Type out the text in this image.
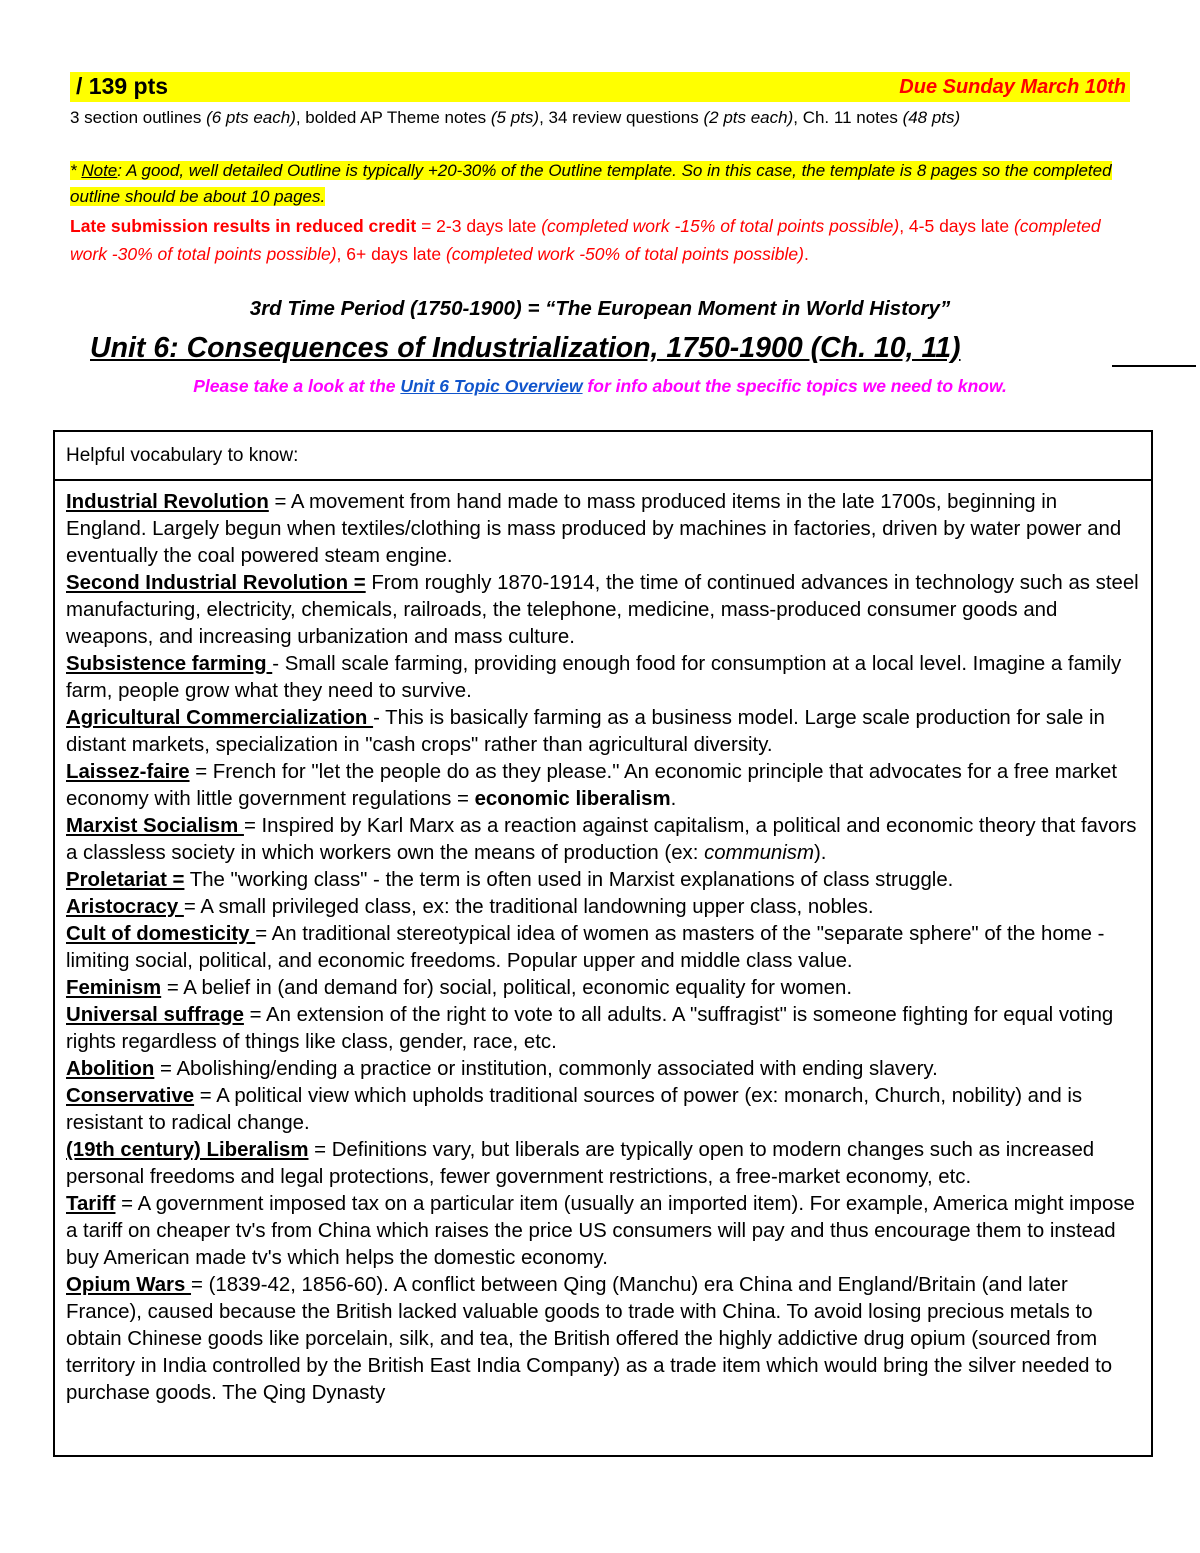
/ 139 pts	Due Sunday March 10th
3 section outlines (6 pts each), bolded AP Theme notes (5 pts), 34 review questions (2 pts each), Ch. 11 notes (48 pts)
* Note: A good, well detailed Outline is typically +20-30% of the Outline template. So in this case, the template is 8 pages so the completed outline should be about 10 pages.
Late submission results in reduced credit = 2-3 days late (completed work -15% of total points possible), 4-5 days late (completed work -30% of total points possible), 6+ days late (completed work -50% of total points possible).
3rd Time Period (1750-1900) = “The European Moment in World History”
Unit 6: Consequences of Industrialization, 1750-1900 (Ch. 10, 11)
Please take a look at the Unit 6 Topic Overview for info about the specific topics we need to know.
Helpful vocabulary to know:
Industrial Revolution = A movement from hand made to mass produced items in the late 1700s, beginning in England. Largely begun when textiles/clothing is mass produced by machines in factories, driven by water power and eventually the coal powered steam engine.
Second Industrial Revolution = From roughly 1870-1914, the time of continued advances in technology such as steel manufacturing, electricity, chemicals, railroads, the telephone, medicine, mass-produced consumer goods and weapons, and increasing urbanization and mass culture.
Subsistence farming - Small scale farming, providing enough food for consumption at a local level. Imagine a family farm, people grow what they need to survive.
Agricultural Commercialization - This is basically farming as a business model. Large scale production for sale in distant markets, specialization in "cash crops" rather than agricultural diversity.
Laissez-faire = French for "let the people do as they please." An economic principle that advocates for a free market economy with little government regulations = economic liberalism.
Marxist Socialism = Inspired by Karl Marx as a reaction against capitalism, a political and economic theory that favors a classless society in which workers own the means of production (ex: communism).
Proletariat = The "working class" - the term is often used in Marxist explanations of class struggle.
Aristocracy = A small privileged class, ex: the traditional landowning upper class, nobles.
Cult of domesticity = An traditional stereotypical idea of women as masters of the "separate sphere" of the home - limiting social, political, and economic freedoms. Popular upper and middle class value.
Feminism = A belief in (and demand for) social, political, economic equality for women.
Universal suffrage = An extension of the right to vote to all adults. A "suffragist" is someone fighting for equal voting rights regardless of things like class, gender, race, etc.
Abolition = Abolishing/ending a practice or institution, commonly associated with ending slavery.
Conservative = A political view which upholds traditional sources of power (ex: monarch, Church, nobility) and is resistant to radical change.
(19th century) Liberalism = Definitions vary, but liberals are typically open to modern changes such as increased personal freedoms and legal protections, fewer government restrictions, a free-market economy, etc.
Tariff = A government imposed tax on a particular item (usually an imported item). For example, America might impose a tariff on cheaper tv's from China which raises the price US consumers will pay and thus encourage them to instead buy American made tv's which helps the domestic economy.
Opium Wars = (1839-42, 1856-60). A conflict between Qing (Manchu) era China and England/Britain (and later France), caused because the British lacked valuable goods to trade with China. To avoid losing precious metals to obtain Chinese goods like porcelain, silk, and tea, the British offered the highly addictive drug opium (sourced from territory in India controlled by the British East India Company) as a trade item which would bring the silver needed to purchase goods. The Qing Dynasty
